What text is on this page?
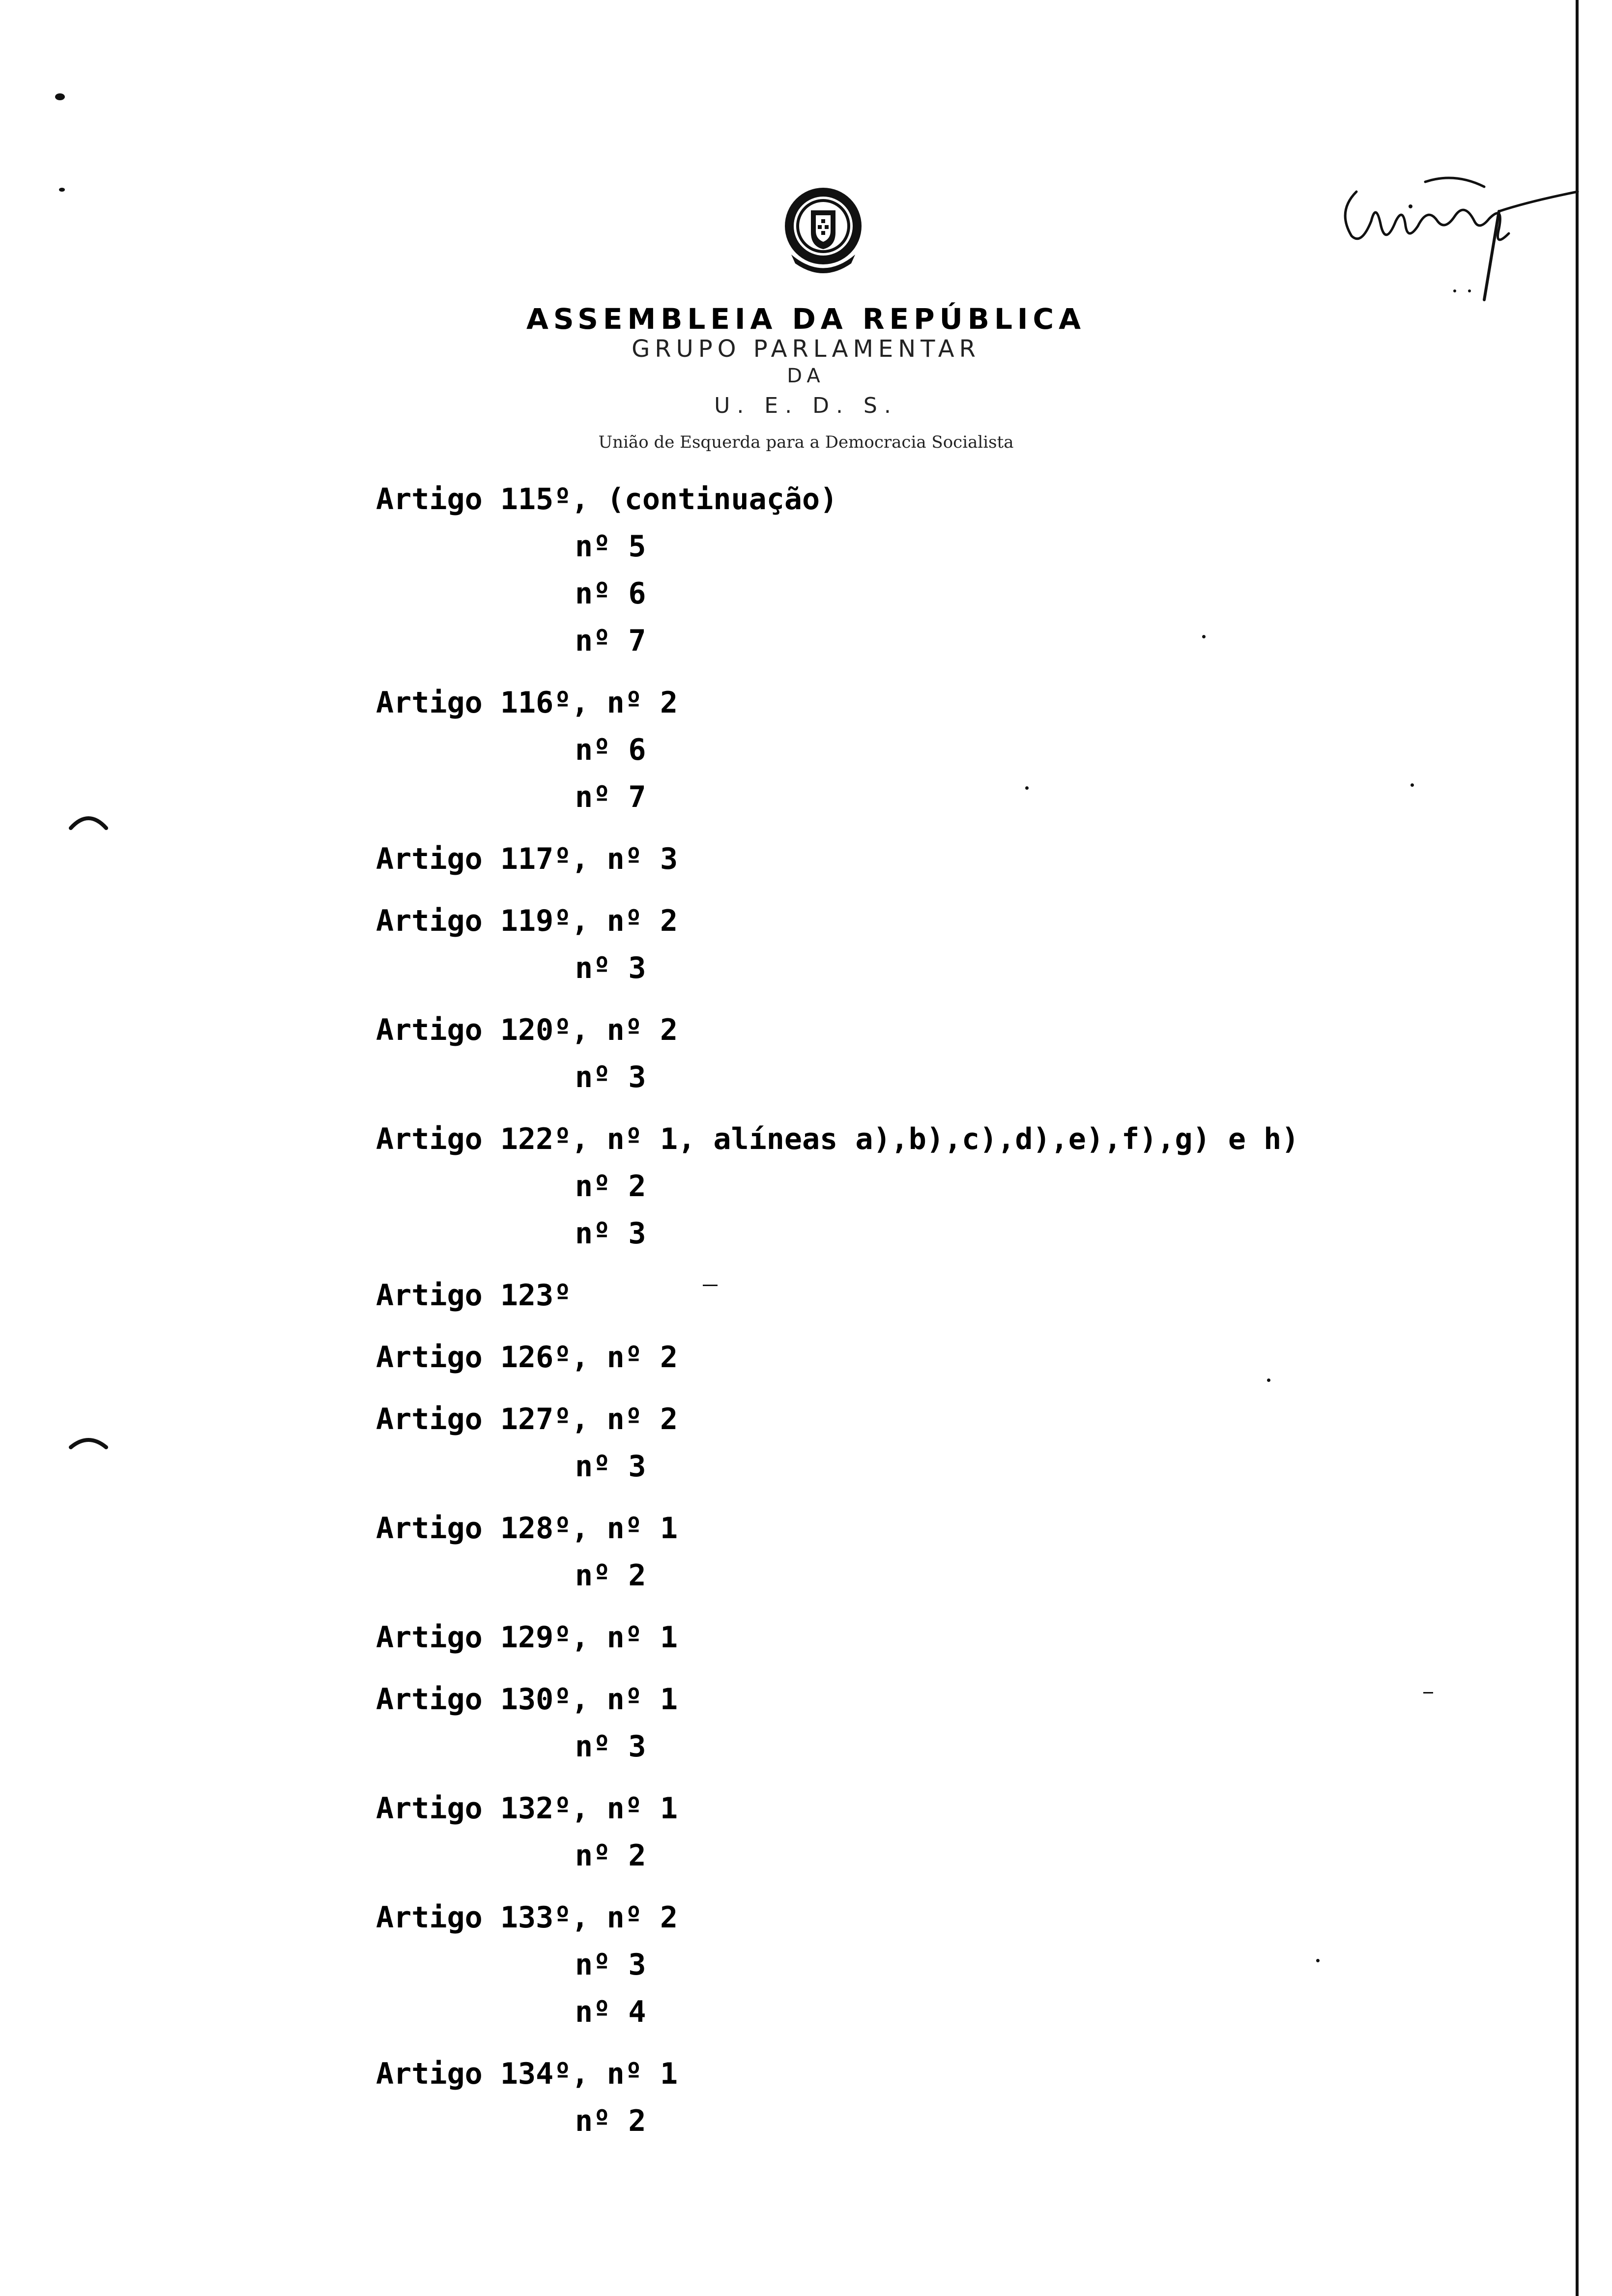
ASSEMBLEIA DA REPÚBLICA
GRUPO PARLAMENTAR
DA
U. E. D. S.
União de Esquerda para a Democracia Socialista
Artigo 115º, (continuação)
nº 5
nº 6
nº 7
Artigo 116º, nº 2
nº 6
nº 7
Artigo 117º, nº 3
Artigo 119º, nº 2
nº 3
Artigo 120º, nº 2
nº 3
Artigo 122º, nº 1, alíneas a),b),c),d),e),f),g) e h)
nº 2
nº 3
Artigo 123º
Artigo 126º, nº 2
Artigo 127º, nº 2
nº 3
Artigo 128º, nº 1
nº 2
Artigo 129º, nº 1
Artigo 130º, nº 1
nº 3
Artigo 132º, nº 1
nº 2
Artigo 133º, nº 2
nº 3
nº 4
Artigo 134º, nº 1
nº 2
